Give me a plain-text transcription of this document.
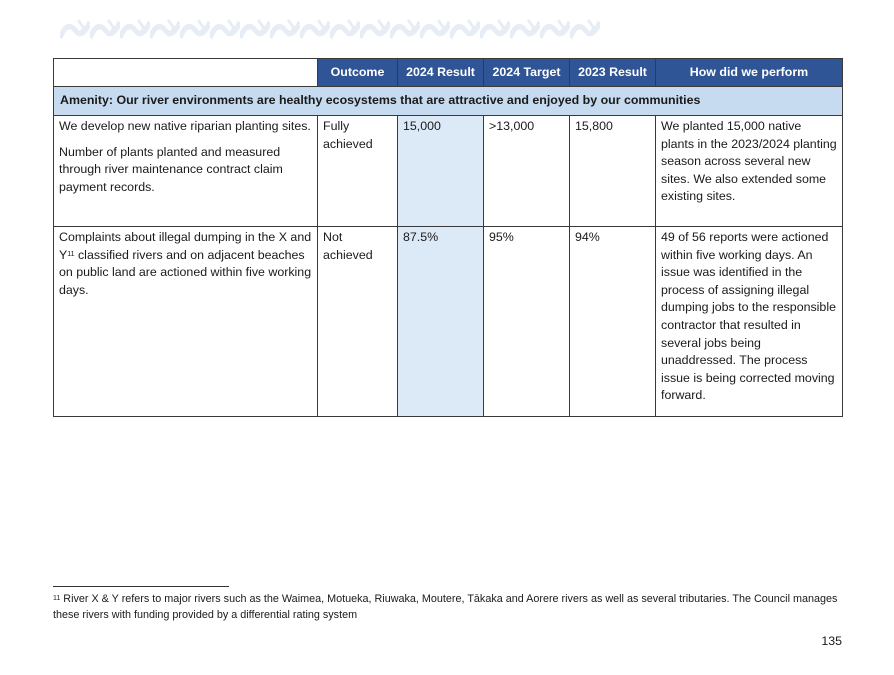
	Outcome	2024 Result	2024 Target	2023 Result	How did we perform
Amenity: Our river environments are healthy ecosystems that are attractive and enjoyed by our communities					

We develop new native riparian planting sites.

Number of plants planted and measured through river maintenance contract claim payment records.	Fully achieved	15,000	>13,000	15,800	We planted 15,000 native plants in the 2023/2024 planting season across several new sites. We also extended some existing sites.
Complaints about illegal dumping in the X and $Y^{11}$ classified rivers and on adjacent beaches on public land are actioned within five working days.	Not achieved	87.5%	95%	94%	49 of 56 reports were actioned within five working days. An issue was identified in the process of assigning illegal dumping jobs to the responsible contractor that resulted in several jobs being unaddressed. The process issue is being corrected moving forward.
$^{11}$ River X & Y refers to major rivers such as the Waimea, Motueka, Riuwaka, Moutere, Tākaka and Aorere rivers as well as several tributaries. The Council manages these rivers with funding provided by a differential rating system
135
